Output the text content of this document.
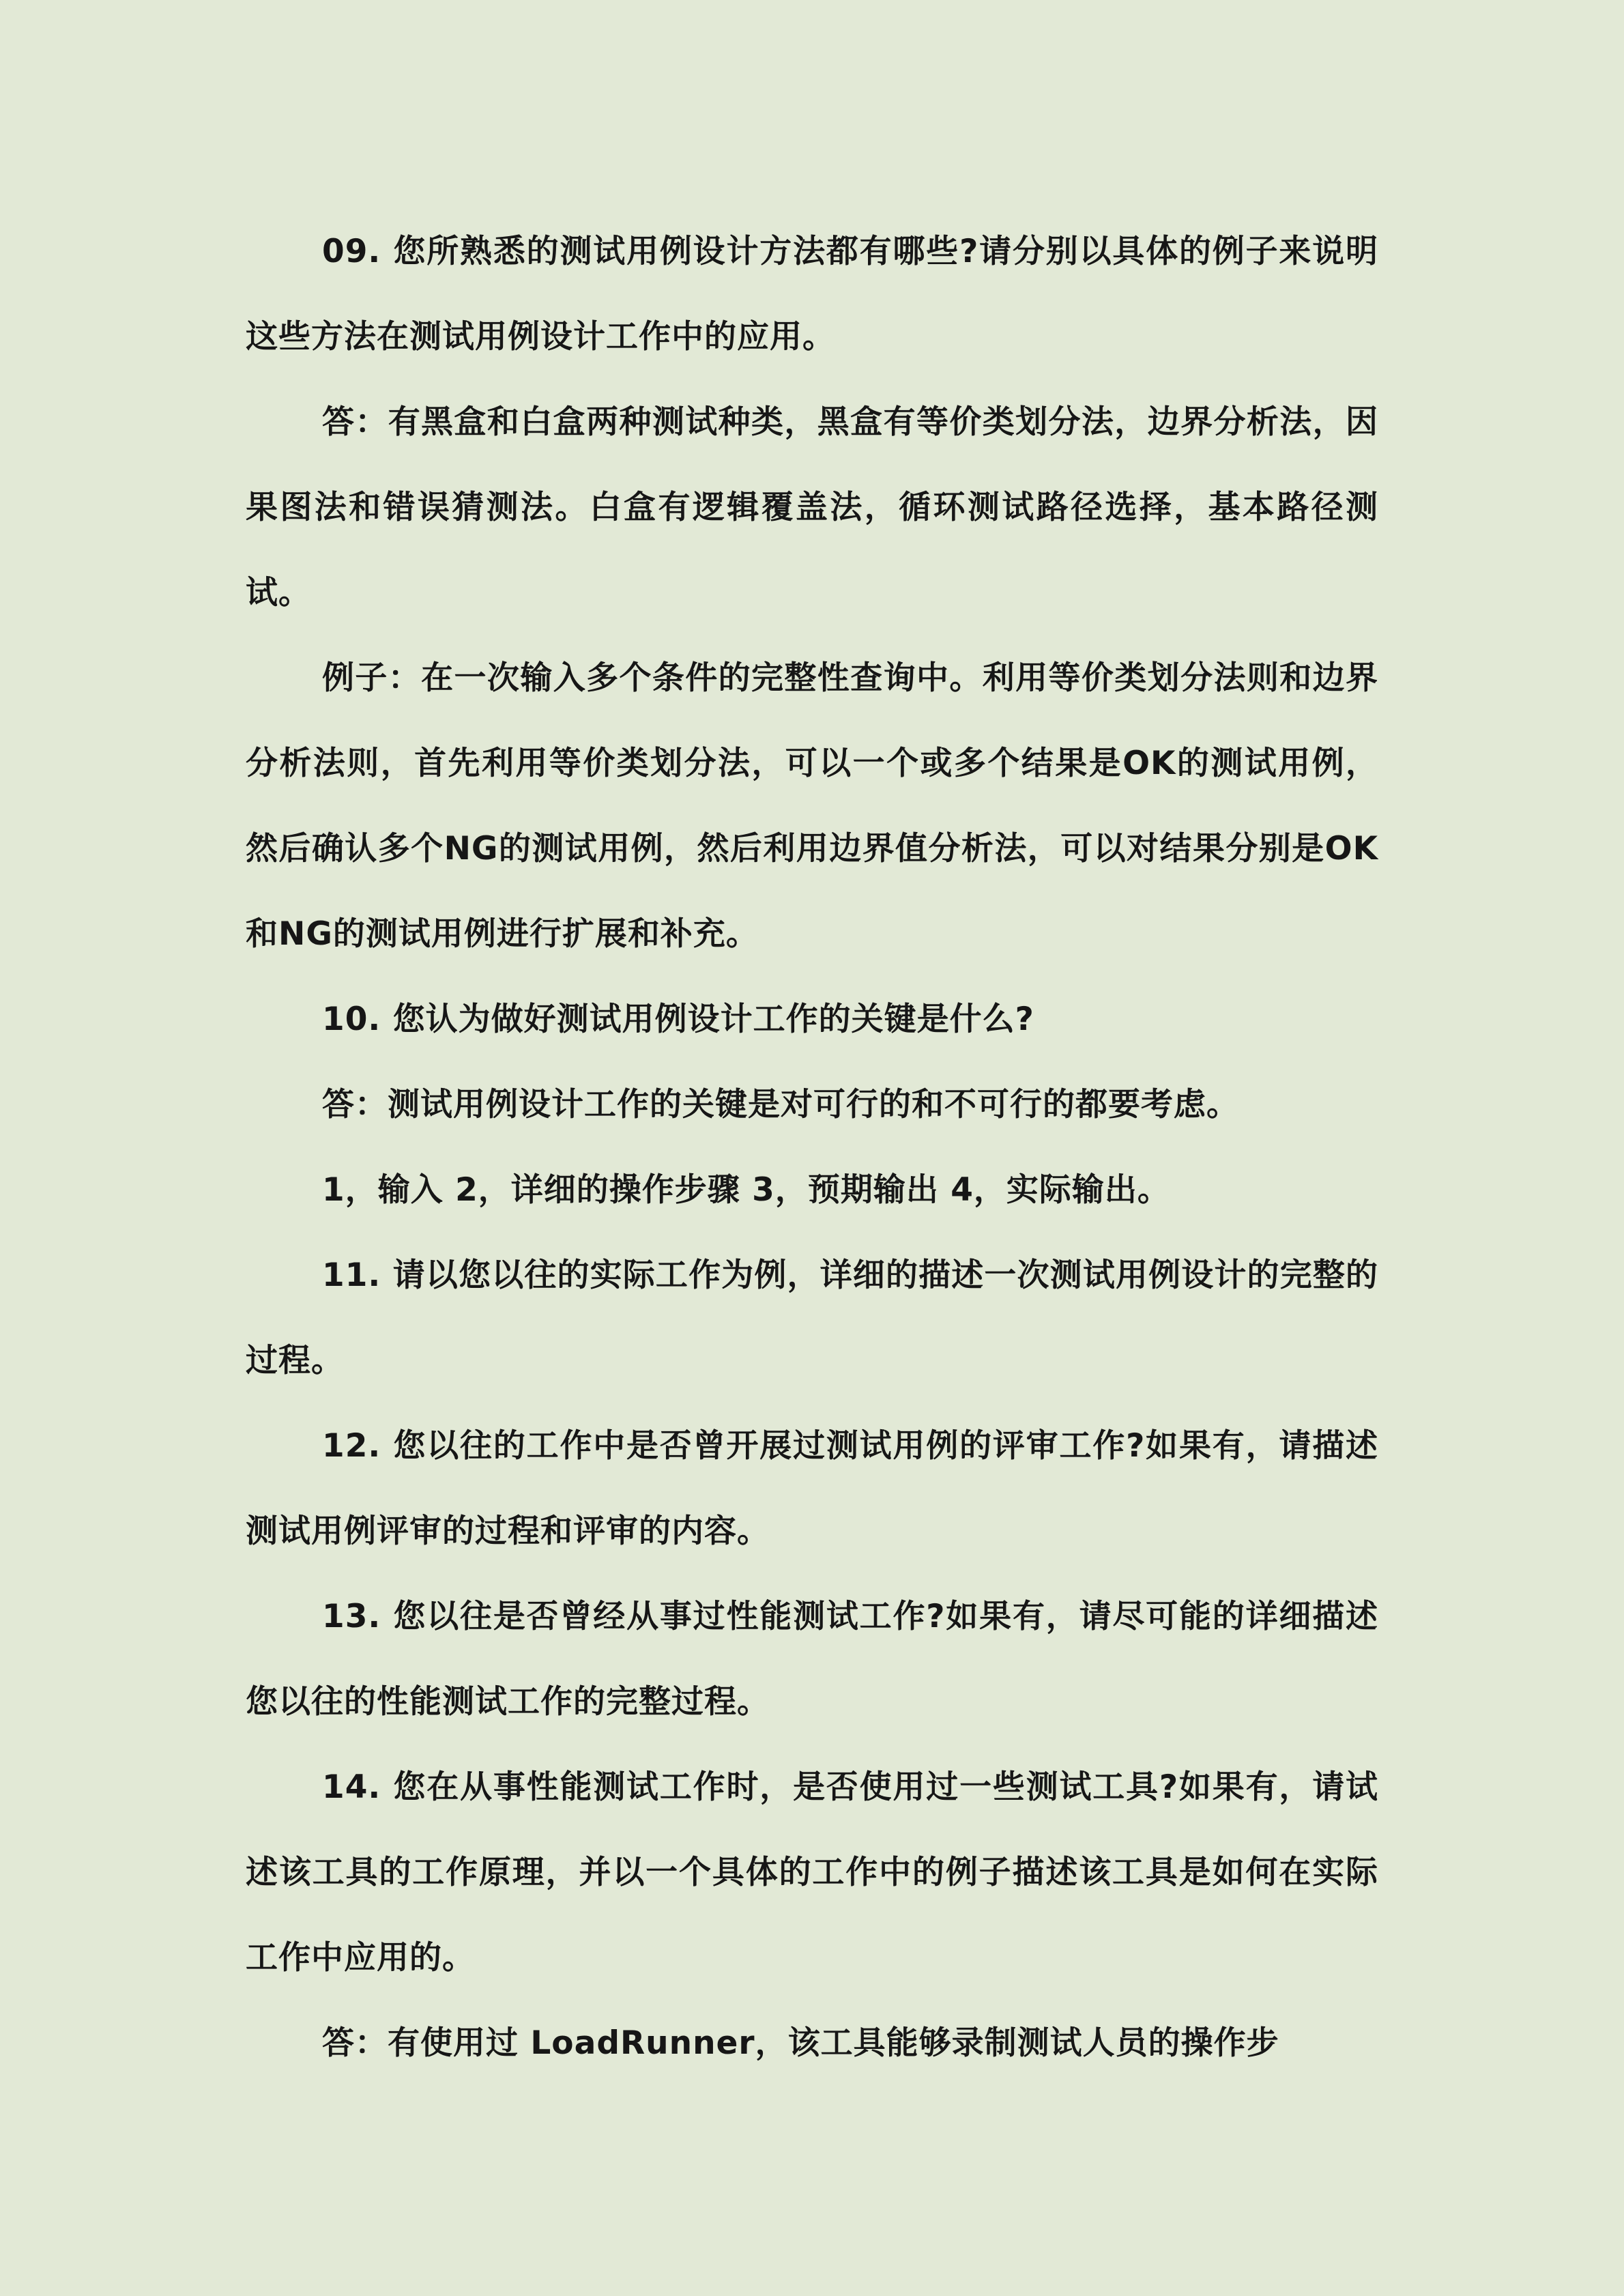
09. 您所熟悉的测试用例设计方法都有哪些?请分别以具体的例子来说明这些方法在测试用例设计工作中的应用。

答：有黑盒和白盒两种测试种类，黑盒有等价类划分法，边界分析法，因果图法和错误猜测法。白盒有逻辑覆盖法，循环测试路径选择，基本路径测试。

例子：在一次输入多个条件的完整性查询中。利用等价类划分法则和边界分析法则，首先利用等价类划分法，可以一个或多个结果是OK的测试用例，然后确认多个NG的测试用例，然后利用边界值分析法，可以对结果分别是OK和NG的测试用例进行扩展和补充。

10. 您认为做好测试用例设计工作的关键是什么?

答：测试用例设计工作的关键是对可行的和不可行的都要考虑。

1，输入 2，详细的操作步骤 3，预期输出 4，实际输出。

11. 请以您以往的实际工作为例，详细的描述一次测试用例设计的完整的过程。

12. 您以往的工作中是否曾开展过测试用例的评审工作?如果有，请描述测试用例评审的过程和评审的内容。

13. 您以往是否曾经从事过性能测试工作?如果有，请尽可能的详细描述您以往的性能测试工作的完整过程。

14. 您在从事性能测试工作时，是否使用过一些测试工具?如果有，请试述该工具的工作原理，并以一个具体的工作中的例子描述该工具是如何在实际工作中应用的。

答：有使用过 LoadRunner，该工具能够录制测试人员的操作步
